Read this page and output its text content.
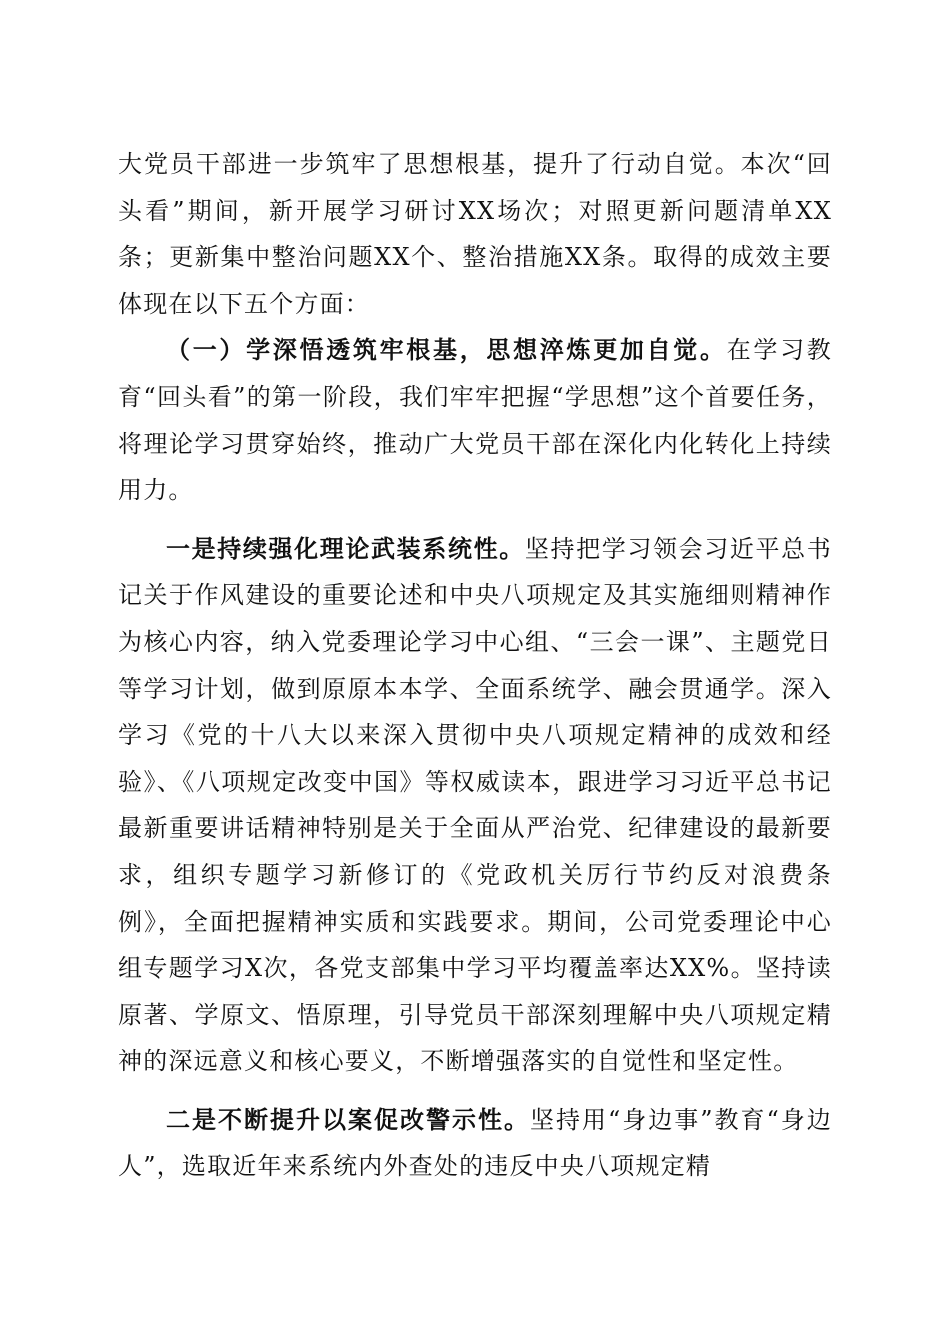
大党员干部进一步筑牢了思想根基，提升了行动自觉。本次“回头看”期间，新开展学习研讨XX场次；对照更新问题清单XX条；更新集中整治问题XX个、整治措施XX条。取得的成效主要体现在以下五个方面：

（一）学深悟透筑牢根基，思想淬炼更加自觉。在学习教育“回头看”的第一阶段，我们牢牢把握“学思想”这个首要任务，将理论学习贯穿始终，推动广大党员干部在深化内化转化上持续用力。

一是持续强化理论武装系统性。坚持把学习领会习近平总书记关于作风建设的重要论述和中央八项规定及其实施细则精神作为核心内容，纳入党委理论学习中心组、“三会一课”、主题党日等学习计划，做到原原本本学、全面系统学、融会贯通学。深入学习《党的十八大以来深入贯彻中央八项规定精神的成效和经验》、《八项规定改变中国》等权威读本，跟进学习习近平总书记最新重要讲话精神特别是关于全面从严治党、纪律建设的最新要求，组织专题学习新修订的《党政机关厉行节约反对浪费条例》，全面把握精神实质和实践要求。期间，公司党委理论中心组专题学习X次，各党支部集中学习平均覆盖率达XX%。坚持读原著、学原文、悟原理，引导党员干部深刻理解中央八项规定精神的深远意义和核心要义，不断增强落实的自觉性和坚定性。

二是不断提升以案促改警示性。坚持用“身边事”教育“身边人”，选取近年来系统内外查处的违反中央八项规定精
